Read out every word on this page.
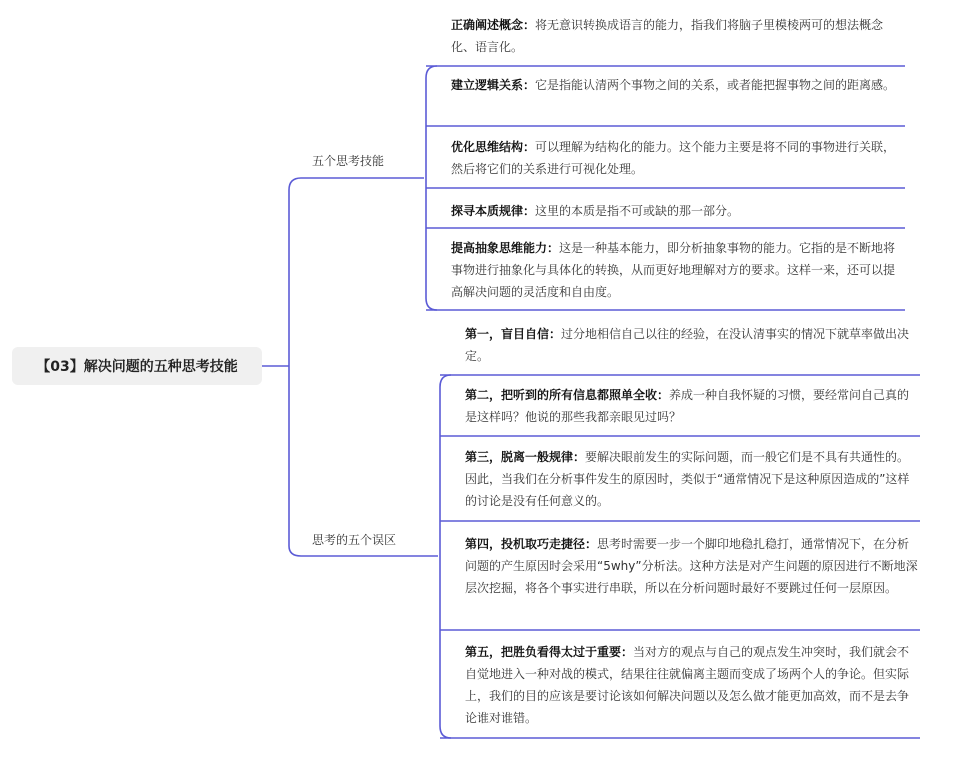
【03】解决问题的五种思考技能
五个思考技能
思考的五个误区
正确阐述概念：将无意识转换成语言的能力，指我们将脑子里模棱两可的想法概念化、语言化。
建立逻辑关系：它是指能认清两个事物之间的关系，或者能把握事物之间的距离感。
优化思维结构：可以理解为结构化的能力。这个能力主要是将不同的事物进行关联，然后将它们的关系进行可视化处理。
探寻本质规律：这里的本质是指不可或缺的那一部分。
提高抽象思维能力：这是一种基本能力，即分析抽象事物的能力。它指的是不断地将事物进行抽象化与具体化的转换，从而更好地理解对方的要求。这样一来，还可以提高解决问题的灵活度和自由度。
第一，盲目自信：过分地相信自己以往的经验，在没认清事实的情况下就草率做出决定。
第二，把听到的所有信息都照单全收：养成一种自我怀疑的习惯，要经常问自己真的是这样吗？他说的那些我都亲眼见过吗？
第三，脱离一般规律：要解决眼前发生的实际问题，而一般它们是不具有共通性的。因此，当我们在分析事件发生的原因时，类似于“通常情况下是这种原因造成的”这样的讨论是没有任何意义的。
第四，投机取巧走捷径：思考时需要一步一个脚印地稳扎稳打，通常情况下，在分析问题的产生原因时会采用“5why”分析法。这种方法是对产生问题的原因进行不断地深层次挖掘，将各个事实进行串联，所以在分析问题时最好不要跳过任何一层原因。
第五，把胜负看得太过于重要：当对方的观点与自己的观点发生冲突时，我们就会不自觉地进入一种对战的模式，结果往往就偏离主题而变成了场两个人的争论。但实际上，我们的目的应该是要讨论该如何解决问题以及怎么做才能更加高效，而不是去争论谁对谁错。
